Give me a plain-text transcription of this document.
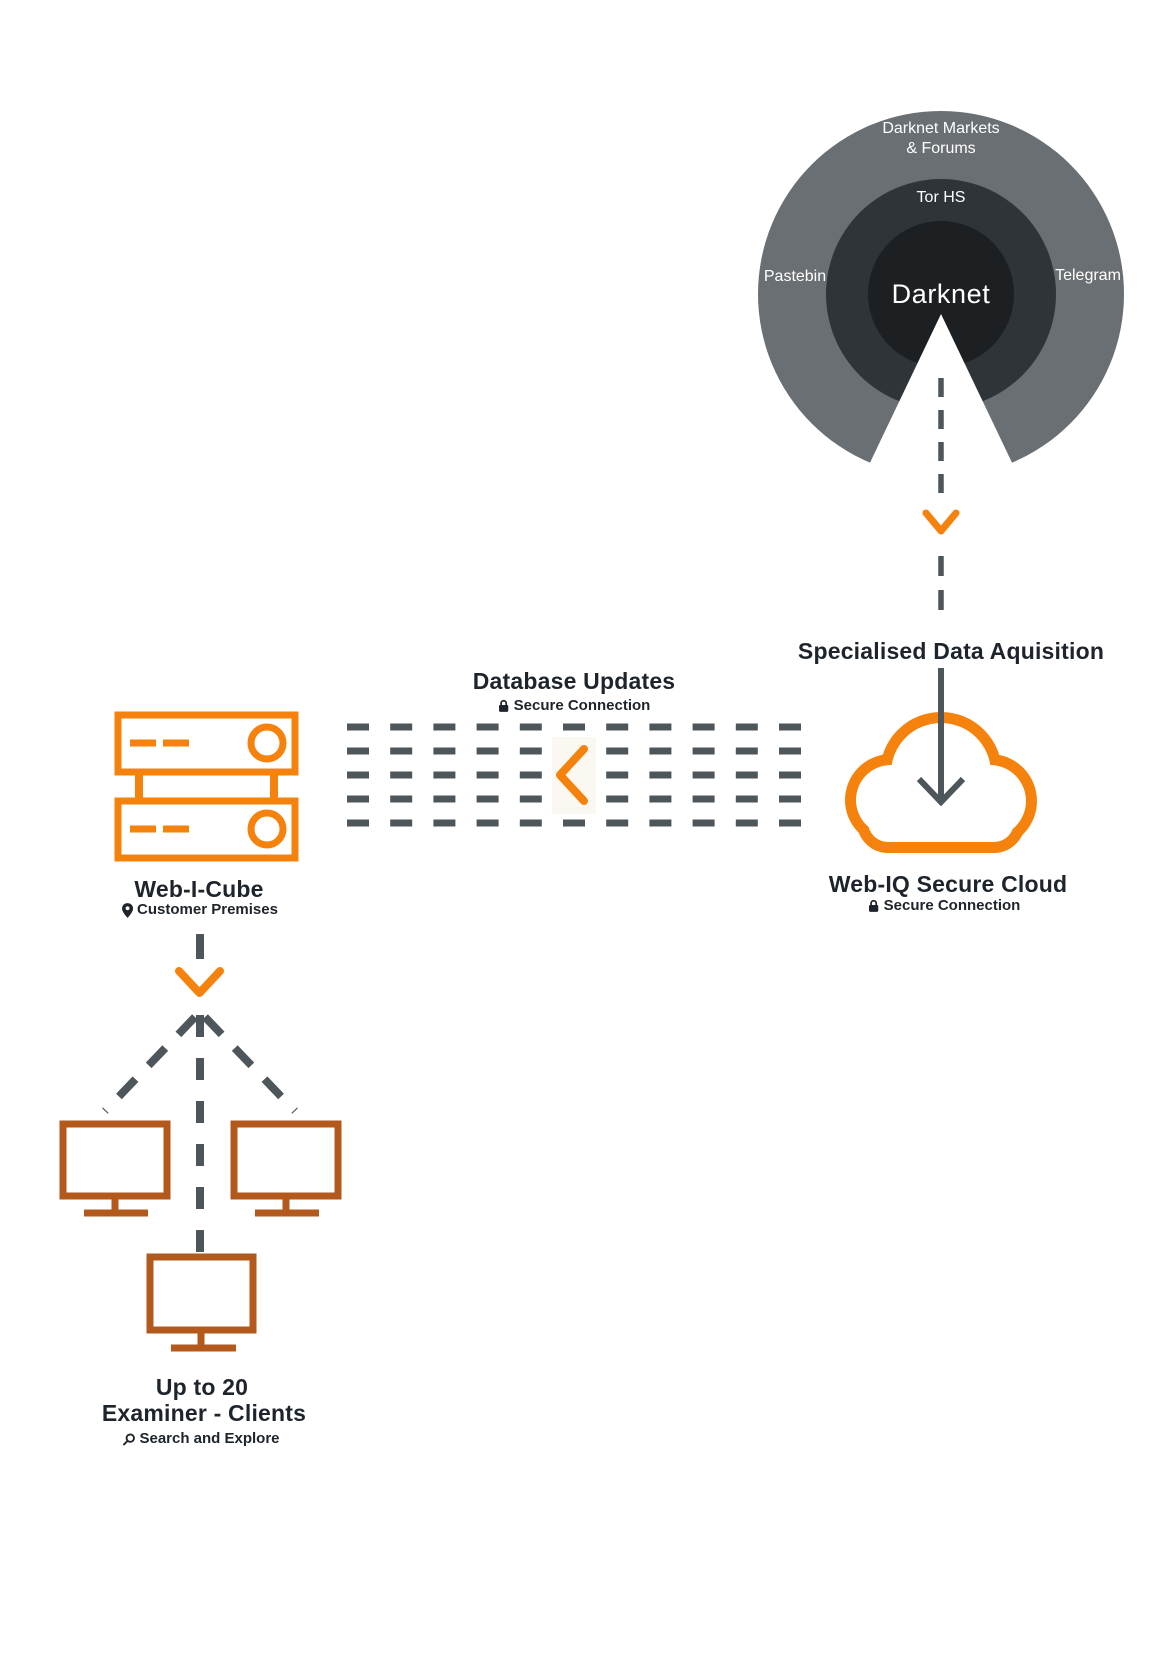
Darknet Markets
& Forums
Tor HS
Pastebin	Telegram
Darknet
Specialised Data Aquisition
Database Updates
Secure Connection
Web-IQ Secure Cloud
Secure Connection
Web-I-Cube
Customer Premises
Up to 20
Examiner - Clients
Search and Explore
